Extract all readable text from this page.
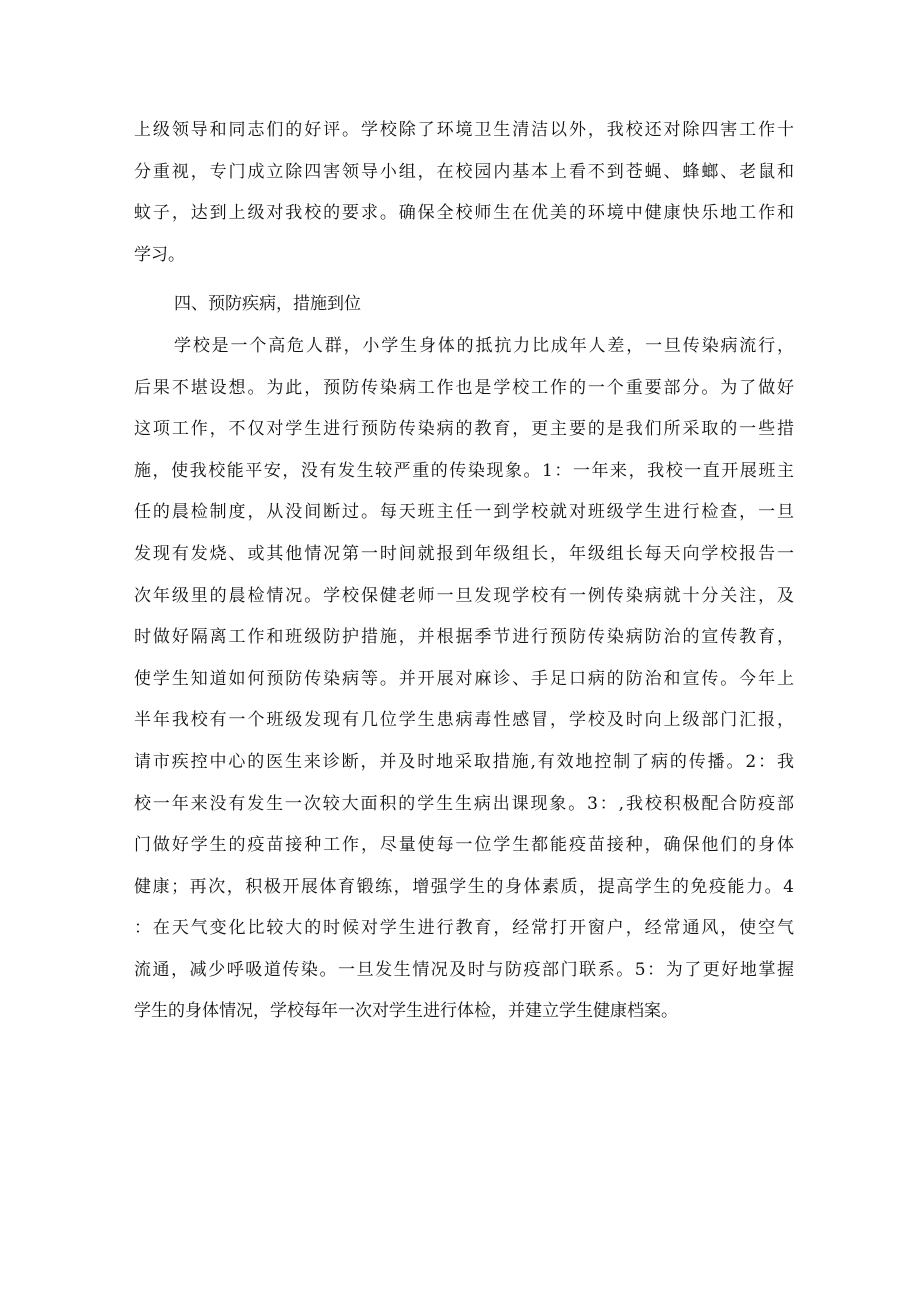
上级领导和同志们的好评。学校除了环境卫生清洁以外，我校还对除四害工作十
分重视，专门成立除四害领导小组，在校园内基本上看不到苍蝇、蜂螂、老鼠和
蚊子，达到上级对我校的要求。确保全校师生在优美的环境中健康快乐地工作和
学习。
四、预防疾病，措施到位
学校是一个高危人群，小学生身体的抵抗力比成年人差，一旦传染病流行，
后果不堪设想。为此，预防传染病工作也是学校工作的一个重要部分。为了做好
这项工作，不仅对学生进行预防传染病的教育，更主要的是我们所采取的一些措
施，使我校能平安，没有发生较严重的传染现象。1：一年来，我校一直开展班主
任的晨检制度，从没间断过。每天班主任一到学校就对班级学生进行检查，一旦
发现有发烧、或其他情况第一时间就报到年级组长，年级组长每天向学校报告一
次年级里的晨检情况。学校保健老师一旦发现学校有一例传染病就十分关注，及
时做好隔离工作和班级防护措施，并根据季节进行预防传染病防治的宣传教育，
使学生知道如何预防传染病等。并开展对麻诊、手足口病的防治和宣传。今年上
半年我校有一个班级发现有几位学生患病毒性感冒，学校及时向上级部门汇报，
请市疾控中心的医生来诊断，并及时地采取措施,有效地控制了病的传播。2：我
校一年来没有发生一次较大面积的学生生病出课现象。3：,我校积极配合防疫部
门做好学生的疫苗接种工作，尽量使每一位学生都能疫苗接种，确保他们的身体
健康；再次，积极开展体育锻练，增强学生的身体素质，提高学生的免疫能力。4
：在天气变化比较大的时候对学生进行教育，经常打开窗户，经常通风，使空气
流通，减少呼吸道传染。一旦发生情况及时与防疫部门联系。5：为了更好地掌握
学生的身体情况，学校每年一次对学生进行体检，并建立学生健康档案。
